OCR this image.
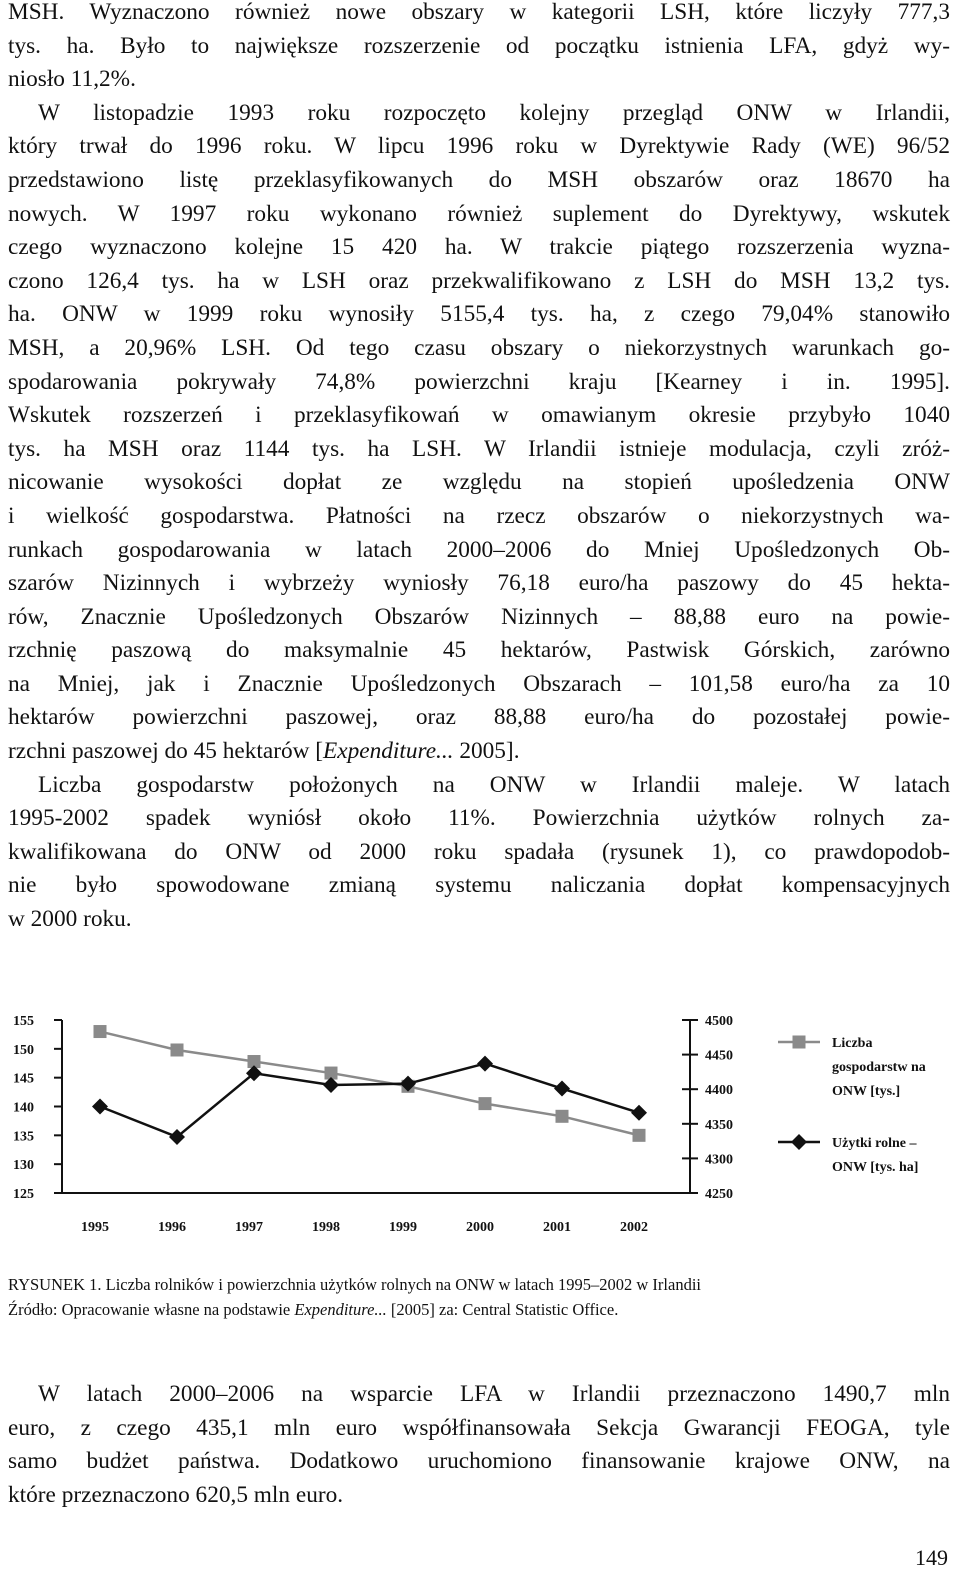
MSH. Wyznaczono również nowe obszary w kategorii LSH, które liczyły 777,3
tys. ha. Było to największe rozszerzenie od początku istnienia LFA, gdyż wy-
niosło 11,2%.
W listopadzie 1993 roku rozpoczęto kolejny przegląd ONW w Irlandii,
który trwał do 1996 roku. W lipcu 1996 roku w Dyrektywie Rady (WE) 96/52
przedstawiono listę przeklasyfikowanych do MSH obszarów oraz 18670 ha
nowych. W 1997 roku wykonano również suplement do Dyrektywy, wskutek
czego wyznaczono kolejne 15 420 ha. W trakcie piątego rozszerzenia wyzna-
czono 126,4 tys. ha w LSH oraz przekwalifikowano z LSH do MSH 13,2 tys.
ha. ONW w 1999 roku wynosiły 5155,4 tys. ha, z czego 79,04% stanowiło
MSH, a 20,96% LSH. Od tego czasu obszary o niekorzystnych warunkach go-
spodarowania pokrywały 74,8% powierzchni kraju [Kearney i in. 1995].
Wskutek rozszerzeń i przeklasyfikowań w omawianym okresie przybyło 1040
tys. ha MSH oraz 1144 tys. ha LSH. W Irlandii istnieje modulacja, czyli zróż-
nicowanie wysokości dopłat ze względu na stopień upośledzenia ONW
i wielkość gospodarstwa. Płatności na rzecz obszarów o niekorzystnych wa-
runkach gospodarowania w latach 2000–2006 do Mniej Upośledzonych Ob-
szarów Nizinnych i wybrzeży wyniosły 76,18 euro/ha paszowy do 45 hekta-
rów, Znacznie Upośledzonych Obszarów Nizinnych – 88,88 euro na powie-
rzchnię paszową do maksymalnie 45 hektarów, Pastwisk Górskich, zarówno
na Mniej, jak i Znacznie Upośledzonych Obszarach – 101,58 euro/ha za 10
hektarów powierzchni paszowej, oraz 88,88 euro/ha do pozostałej powie-
rzchni paszowej do 45 hektarów [Expenditure... 2005].
Liczba gospodarstw położonych na ONW w Irlandii maleje. W latach
1995-2002 spadek wyniósł około 11%. Powierzchnia użytków rolnych za-
kwalifikowana do ONW od 2000 roku spadała (rysunek 1), co prawdopodob-
nie było spowodowane zmianą systemu naliczania dopłat kompensacyjnych
w 2000 roku.
155
150
145
140
135
130
125
4500
4450
4400
4350
4300
4250
1995	1996	1997	1998	1999	2000	2001	2002
Liczba
gospodarstw na
ONW [tys.]
Użytki rolne –
ONW [tys. ha]

RYSUNEK 1. Liczba rolników i powierzchnia użytków rolnych na ONW w latach 1995–2002 w Irlandii

Źródło: Opracowanie własne na podstawie Expenditure... [2005] za: Central Statistic Office.

W latach 2000–2006 na wsparcie LFA w Irlandii przeznaczono 1490,7 mln
euro, z czego 435,1 mln euro współfinansowała Sekcja Gwarancji FEOGA, tyle
samo budżet państwa. Dodatkowo uruchomiono finansowanie krajowe ONW, na
które przeznaczono 620,5 mln euro.
149
